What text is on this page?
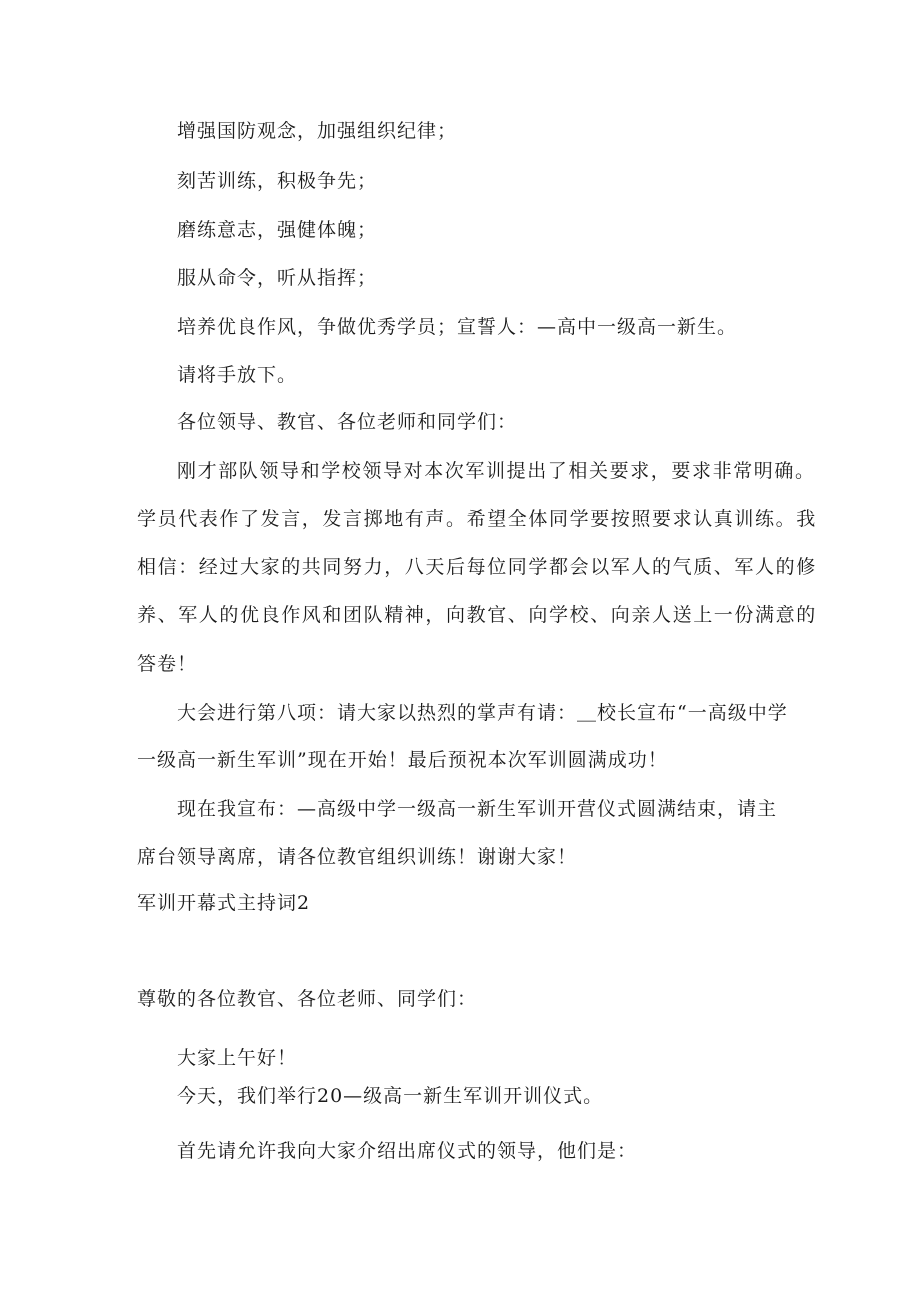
增强国防观念，加强组织纪律；
刻苦训练，积极争先；
磨练意志，强健体魄；
服从命令，听从指挥；
培养优良作风，争做优秀学员；宣誓人：—高中一级高一新生。
请将手放下。
各位领导、教官、各位老师和同学们：
刚才部队领导和学校领导对本次军训提出了相关要求，要求非常明确。
学员代表作了发言，发言掷地有声。希望全体同学要按照要求认真训练。我
相信：经过大家的共同努力，八天后每位同学都会以军人的气质、军人的修
养、军人的优良作风和团队精神，向教官、向学校、向亲人送上一份满意的
答卷！
大会进行第八项：请大家以热烈的掌声有请：＿校长宣布“一高级中学
一级高一新生军训”现在开始！最后预祝本次军训圆满成功！
现在我宣布：—高级中学一级高一新生军训开营仪式圆满结束，请主
席台领导离席，请各位教官组织训练！谢谢大家！
军训开幕式主持词2
尊敬的各位教官、各位老师、同学们：
大家上午好！
今天，我们举行20—级高一新生军训开训仪式。
首先请允许我向大家介绍出席仪式的领导，他们是：
